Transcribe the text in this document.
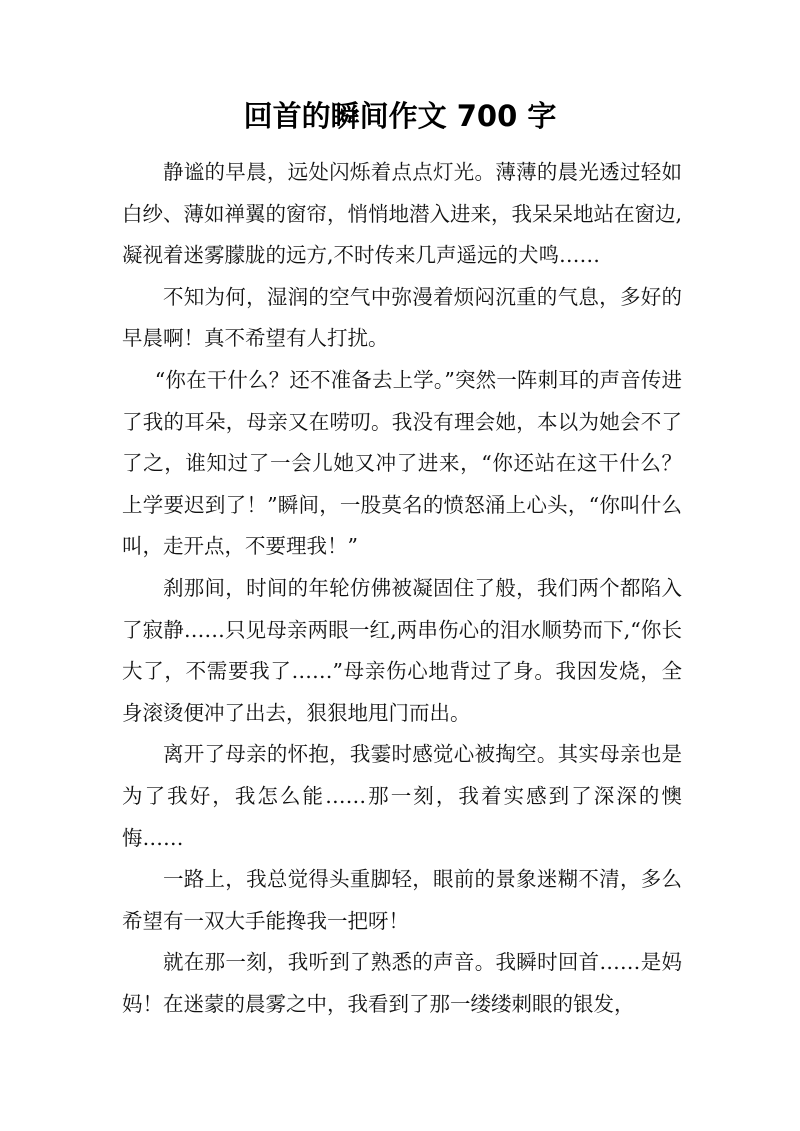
回首的瞬间作文 700 字

静谧的早晨，远处闪烁着点点灯光。薄薄的晨光透过轻如白纱、薄如禅翼的窗帘，悄悄地潜入进来，我呆呆地站在窗边,凝视着迷雾朦胧的远方,不时传来几声遥远的犬鸣……

不知为何，湿润的空气中弥漫着烦闷沉重的气息，多好的早晨啊！真不希望有人打扰。

“你在干什么？还不准备去上学。”突然一阵刺耳的声音传进了我的耳朵，母亲又在唠叨。我没有理会她，本以为她会不了了之，谁知过了一会儿她又冲了进来，“你还站在这干什么？上学要迟到了！”瞬间，一股莫名的愤怒涌上心头，“你叫什么叫，走开点，不要理我！”

刹那间，时间的年轮仿佛被凝固住了般，我们两个都陷入了寂静……只见母亲两眼一红,两串伤心的泪水顺势而下,“你长大了，不需要我了……”母亲伤心地背过了身。我因发烧，全身滚烫便冲了出去，狠狠地甩门而出。

离开了母亲的怀抱，我霎时感觉心被掏空。其实母亲也是为了我好，我怎么能……那一刻，我着实感到了深深的懊悔……

一路上，我总觉得头重脚轻，眼前的景象迷糊不清，多么希望有一双大手能搀我一把呀！

就在那一刻，我听到了熟悉的声音。我瞬时回首……是妈妈！在迷蒙的晨雾之中，我看到了那一缕缕刺眼的银发，
